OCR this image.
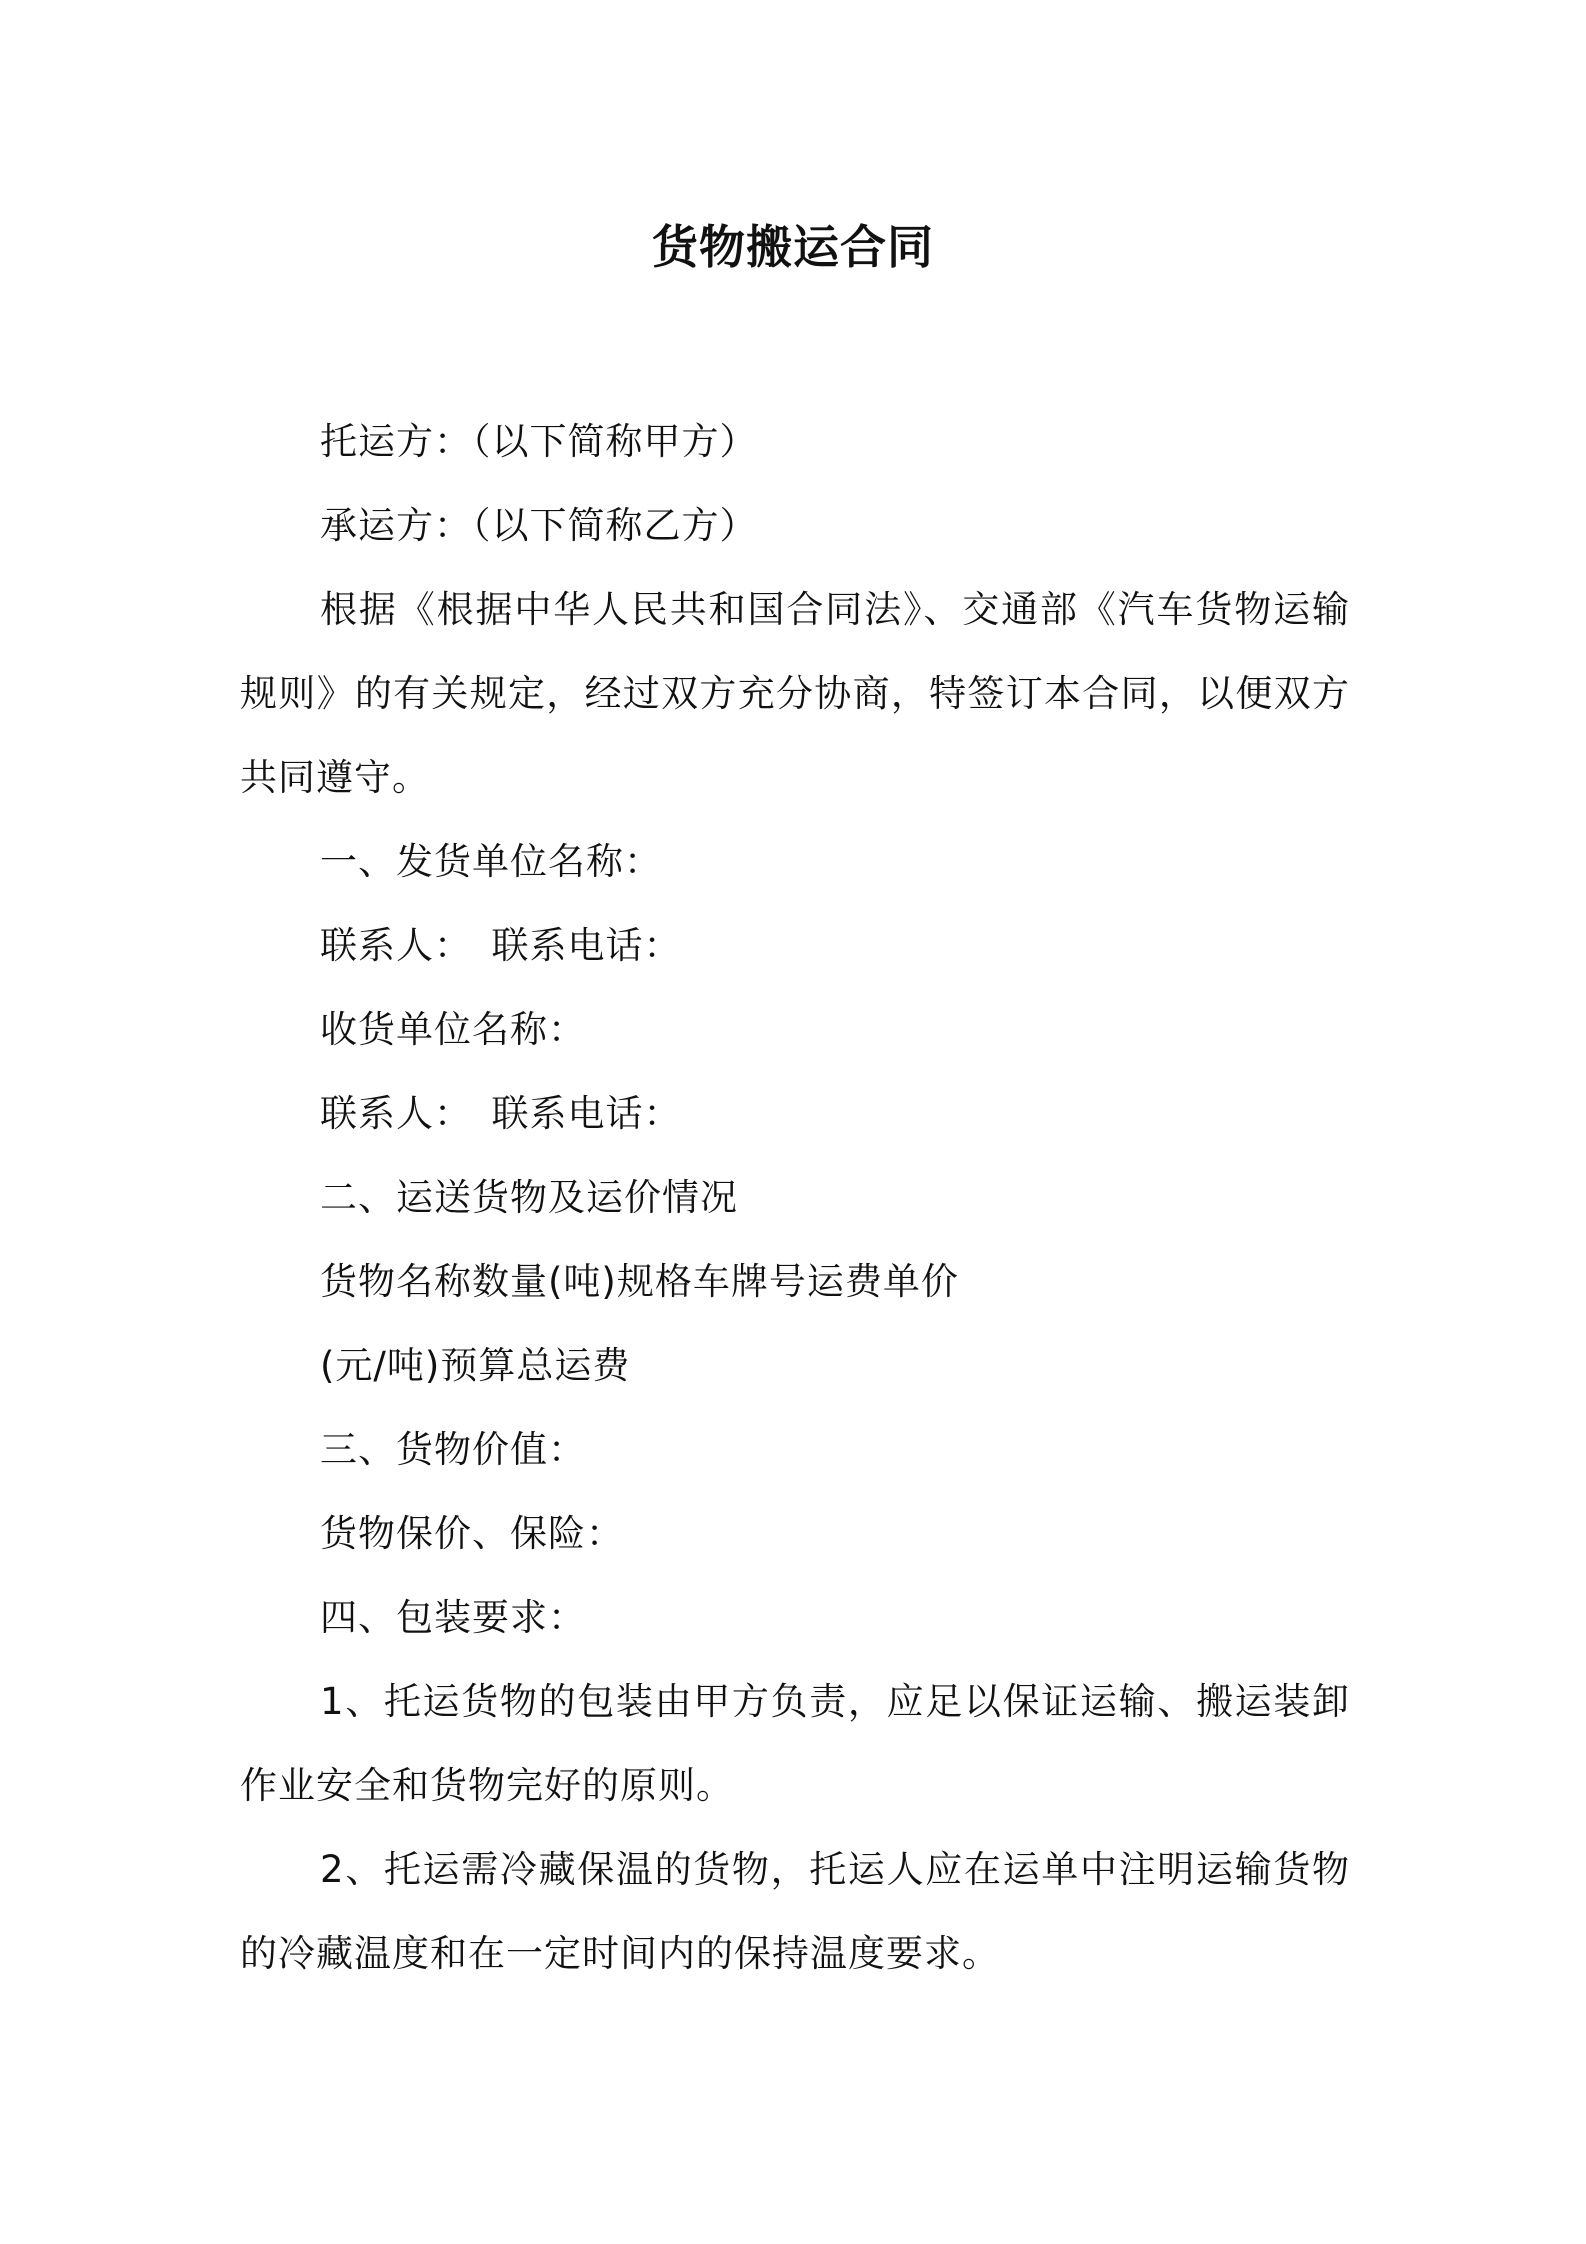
货物搬运合同

托运方：（以下简称甲方）

承运方：（以下简称乙方）

根据《根据中华人民共和国合同法》、交通部《汽车货物运输规则》的有关规定，经过双方充分协商，特签订本合同，以便双方共同遵守。

一、发货单位名称：

联系人：　联系电话：

收货单位名称：

联系人：　联系电话：

二、运送货物及运价情况

货物名称数量(吨)规格车牌号运费单价

(元/吨)预算总运费

三、货物价值：

货物保价、保险：

四、包装要求：

1、托运货物的包装由甲方负责，应足以保证运输、搬运装卸作业安全和货物完好的原则。

2、托运需冷藏保温的货物，托运人应在运单中注明运输货物的冷藏温度和在一定时间内的保持温度要求。
